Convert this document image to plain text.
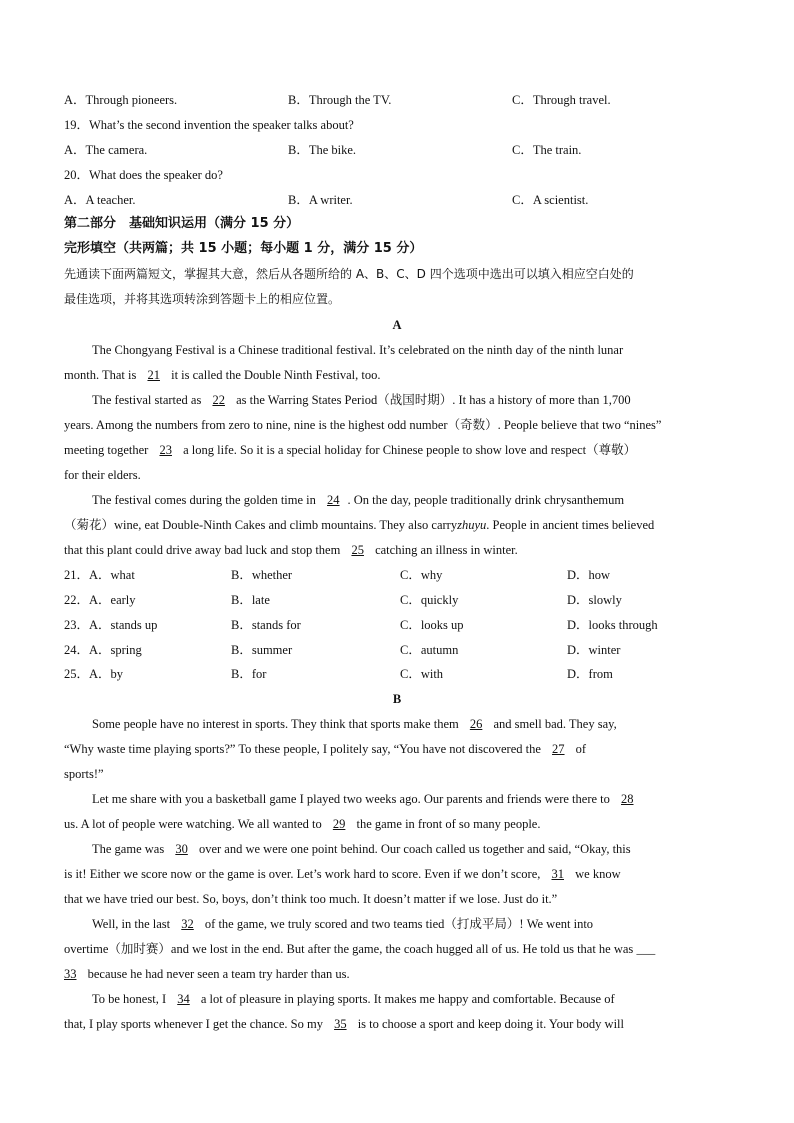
A．Through pioneers.	B．Through the TV.	C．Through travel.
19．What’s the second invention the speaker talks about?
A．The camera.	B．The bike.	C．The train.
20．What does the speaker do?
A．A teacher.	B．A writer.	C．A scientist.
第二部分　基础知识运用（满分 15 分）
完形填空（共两篇；共 15 小题；每小题 1 分，满分 15 分）
先通读下面两篇短文，掌握其大意，然后从各题所给的 A、B、C、D 四个选项中选出可以填入相应空白处的
最佳选项，并将其选项转涂到答题卡上的相应位置。
A
The Chongyang Festival is a Chinese traditional festival. It’s celebrated on the ninth day of the ninth lunar
month. That is 21 it is called the Double Ninth Festival, too.
The festival started as 22 as the Warring States Period（战国时期）. It has a history of more than 1,700
years. Among the numbers from zero to nine, nine is the highest odd number（奇数）. People believe that two “nines”
meeting together 23 a long life. So it is a special holiday for Chinese people to show love and respect（尊敬）
for their elders.
The festival comes during the golden time in 24 . On the day, people traditionally drink chrysanthemum
（菊花）wine, eat Double-Ninth Cakes and climb mountains. They also carryzhuyu. People in ancient times believed
that this plant could drive away bad luck and stop them 25 catching an illness in winter.
21．A．what	B．whether	C．why	D．how
22．A．early	B．late	C．quickly	D．slowly
23．A．stands up	B．stands for	C．looks up	D．looks through
24．A．spring	B．summer	C．autumn	D．winter
25．A．by	B．for	C．with	D．from
B
Some people have no interest in sports. They think that sports make them 26 and smell bad. They say,
“Why waste time playing sports?” To these people, I politely say, “You have not discovered the 27 of
sports!”
Let me share with you a basketball game I played two weeks ago. Our parents and friends were there to 28
us. A lot of people were watching. We all wanted to 29 the game in front of so many people.
The game was 30 over and we were one point behind. Our coach called us together and said, “Okay, this
is it! Either we score now or the game is over. Let’s work hard to score. Even if we don’t score, 31 we know
that we have tried our best. So, boys, don’t think too much. It doesn’t matter if we lose. Just do it.”
Well, in the last 32 of the game, we truly scored and two teams tied（打成平局）! We went into
overtime（加时赛）and we lost in the end. But after the game, the coach hugged all of us. He told us that he was ___
33 because he had never seen a team try harder than us.
To be honest, I 34 a lot of pleasure in playing sports. It makes me happy and comfortable. Because of
that, I play sports whenever I get the chance. So my 35 is to choose a sport and keep doing it. Your body will
